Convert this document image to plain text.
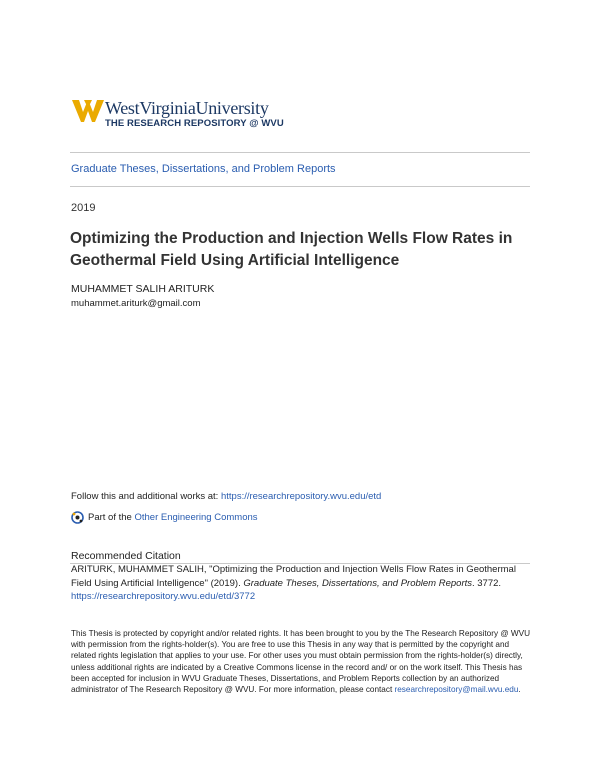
WestVirginiaUniversity
THE RESEARCH REPOSITORY @ WVU
Graduate Theses, Dissertations, and Problem Reports
2019
Optimizing the Production and Injection Wells Flow Rates in Geothermal Field Using Artificial Intelligence
MUHAMMET SALIH ARITURK
muhammet.ariturk@gmail.com
Follow this and additional works at: https://researchrepository.wvu.edu/etd
Part of the
Other Engineering Commons
Recommended Citation
ARITURK, MUHAMMET SALIH, "Optimizing the Production and Injection Wells Flow Rates in Geothermal Field Using Artificial Intelligence" (2019). Graduate Theses, Dissertations, and Problem Reports. 3772.
https://researchrepository.wvu.edu/etd/3772
This Thesis is protected by copyright and/or related rights. It has been brought to you by the The Research Repository @ WVU with permission from the rights-holder(s). You are free to use this Thesis in any way that is permitted by the copyright and related rights legislation that applies to your use. For other uses you must obtain permission from the rights-holder(s) directly, unless additional rights are indicated by a Creative Commons license in the record and/ or on the work itself. This Thesis has been accepted for inclusion in WVU Graduate Theses, Dissertations, and Problem Reports collection by an authorized administrator of The Research Repository @ WVU. For more information, please contact researchrepository@mail.wvu.edu.
